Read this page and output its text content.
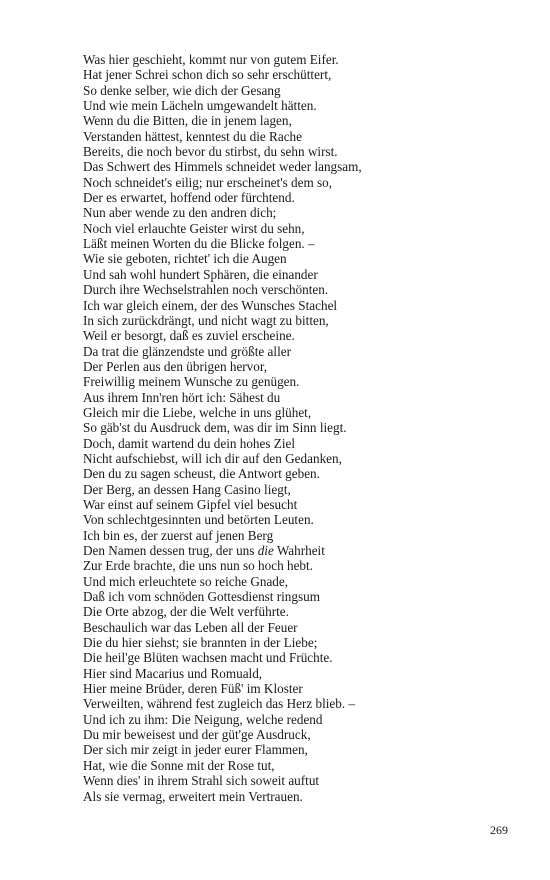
Was hier geschieht, kommt nur von gutem Eifer.
Hat jener Schrei schon dich so sehr erschüttert,
So denke selber, wie dich der Gesang
Und wie mein Lächeln umgewandelt hätten.
Wenn du die Bitten, die in jenem lagen,
Verstanden hättest, kenntest du die Rache
Bereits, die noch bevor du stirbst, du sehn wirst.
Das Schwert des Himmels schneidet weder langsam,
Noch schneidet's eilig; nur erscheinet's dem so,
Der es erwartet, hoffend oder fürchtend.
Nun aber wende zu den andren dich;
Noch viel erlauchte Geister wirst du sehn,
Läßt meinen Worten du die Blicke folgen. –
Wie sie geboten, richtet' ich die Augen
Und sah wohl hundert Sphären, die einander
Durch ihre Wechselstrahlen noch verschönten.
Ich war gleich einem, der des Wunsches Stachel
In sich zurückdrängt, und nicht wagt zu bitten,
Weil er besorgt, daß es zuviel erscheine.
Da trat die glänzendste und größte aller
Der Perlen aus den übrigen hervor,
Freiwillig meinem Wunsche zu genügen.
Aus ihrem Inn'ren hört ich: Sähest du
Gleich mir die Liebe, welche in uns glühet,
So gäb'st du Ausdruck dem, was dir im Sinn liegt.
Doch, damit wartend du dein hohes Ziel
Nicht aufschiebst, will ich dir auf den Gedanken,
Den du zu sagen scheust, die Antwort geben.
Der Berg, an dessen Hang Casino liegt,
War einst auf seinem Gipfel viel besucht
Von schlechtgesinnten und betörten Leuten.
Ich bin es, der zuerst auf jenen Berg
Den Namen dessen trug, der uns die Wahrheit
Zur Erde brachte, die uns nun so hoch hebt.
Und mich erleuchtete so reiche Gnade,
Daß ich vom schnöden Gottesdienst ringsum
Die Orte abzog, der die Welt verführte.
Beschaulich war das Leben all der Feuer
Die du hier siehst; sie brannten in der Liebe;
Die heil'ge Blüten wachsen macht und Früchte.
Hier sind Macarius und Romuald,
Hier meine Brüder, deren Füß' im Kloster
Verweilten, während fest zugleich das Herz blieb. –
Und ich zu ihm: Die Neigung, welche redend
Du mir beweisest und der güt'ge Ausdruck,
Der sich mir zeigt in jeder eurer Flammen,
Hat, wie die Sonne mit der Rose tut,
Wenn dies' in ihrem Strahl sich soweit auftut
Als sie vermag, erweitert mein Vertrauen.
269
